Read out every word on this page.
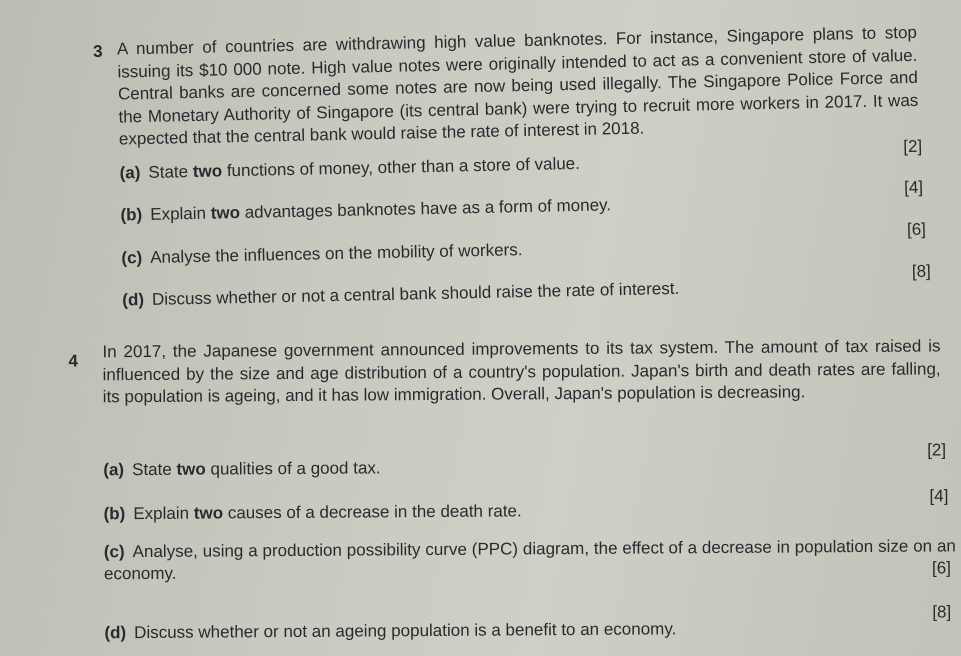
3 A number of countries are withdrawing high value banknotes. For instance, Singapore plans to stop issuing its $10 000 note. High value notes were originally intended to act as a convenient store of value. Central banks are concerned some notes are now being used illegally. The Singapore Police Force and the Monetary Authority of Singapore (its central bank) were trying to recruit more workers in 2017. It was expected that the central bank would raise the rate of interest in 2018.
(a) State two functions of money, other than a store of value.
[2]
(b) Explain two advantages banknotes have as a form of money.
[4]
(c) Analyse the influences on the mobility of workers.
[6]
(d) Discuss whether or not a central bank should raise the rate of interest.
[8]
4 In 2017, the Japanese government announced improvements to its tax system. The amount of tax raised is influenced by the size and age distribution of a country's population. Japan's birth and death rates are falling, its population is ageing, and it has low immigration. Overall, Japan's population is decreasing.
(a) State two qualities of a good tax.
[2]
(b) Explain two causes of a decrease in the death rate.
[4]
(c) Analyse, using a production possibility curve (PPC) diagram, the effect of a decrease in population size on an economy.	[6]
(d) Discuss whether or not an ageing population is a benefit to an economy.
[8]
